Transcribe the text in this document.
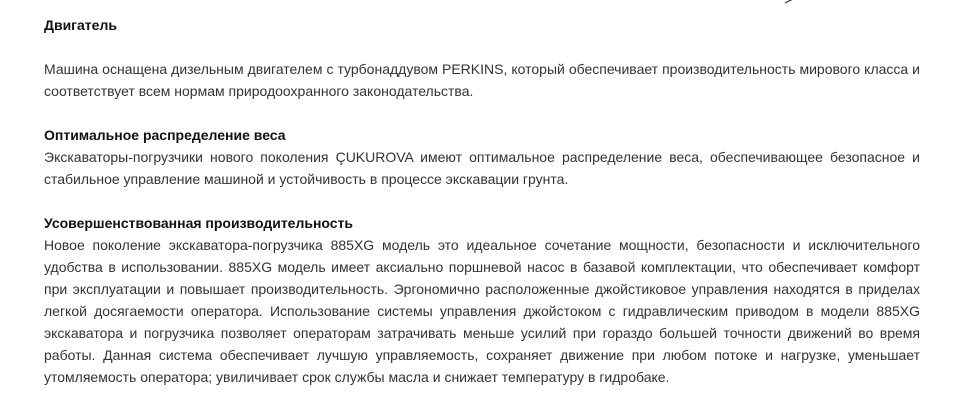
Двигатель

Машина оснащена дизельным двигателем с турбонаддувом PERKINS, который обеспечивает производительность мирового класса и соответствует всем нормам природоохранного законодательства.

Оптимальное распределение веса

Экскаваторы-погрузчики нового поколения ÇUKUROVA имеют оптимальное распределение веса, обеспечивающее безопасное и стабильное управление машиной и устойчивость в процессе экскавации грунта.

Усовершенствованная производительность

Новое поколение экскаватора-погрузчика 885XG модель это идеальное сочетание мощности, безопасности и исключительного удобства в использовании. 885XG модель имеет аксиально поршневой насос в базавой комплектации, что обеспечивает комфорт при эксплуатации и повышает производительность. Эргономично расположенные джойстиковое управления находятся в приделах легкой досягаемости оператора. Использование системы управления джойстоком с гидравлическим приводом в модели 885XG экскаватора и погрузчика позволяет операторам затрачивать меньше усилий при гораздо большей точности движений во время работы. Данная система обеспечивает лучшую управляемость, сохраняет движение при любом потоке и нагрузке, уменьшает утомляемость оператора; увиличивает срок службы масла и снижает температуру в гидробаке.
